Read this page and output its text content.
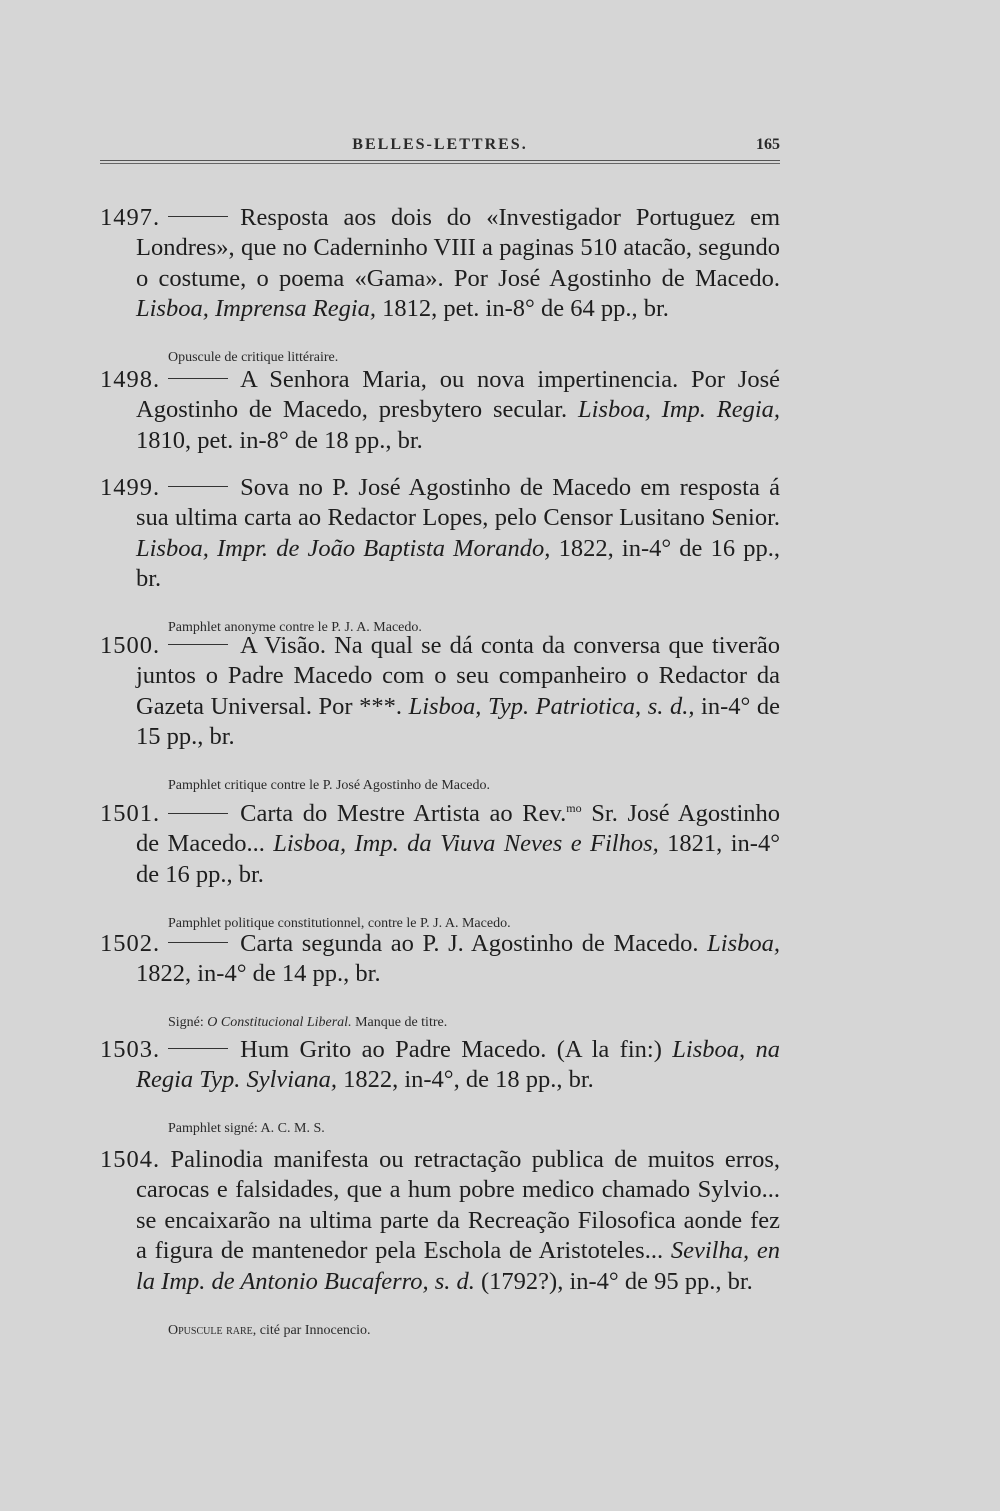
BELLES-LETTRES.	165

1497.	Resposta aos dois do «Investigador Portuguez em Londres», que no Caderninho VIII a paginas 510 atacão, segundo o costume, o poema «Gama». Por José Agostinho de Macedo. Lisboa, Imprensa Regia, 1812, pet. in-8° de 64 pp., br.

Opuscule de critique littéraire.

1498.	A Senhora Maria, ou nova impertinencia. Por José Agostinho de Macedo, presbytero secular. Lisboa, Imp. Regia, 1810, pet. in-8° de 18 pp., br.

1499.	Sova no P. José Agostinho de Macedo em resposta á sua ultima carta ao Redactor Lopes, pelo Censor Lusitano Senior. Lisboa, Impr. de João Baptista Morando, 1822, in-4° de 16 pp., br.

Pamphlet anonyme contre le P. J. A. Macedo.

1500.	A Visão. Na qual se dá conta da conversa que tiverão juntos o Padre Macedo com o seu companheiro o Redactor da Gazeta Universal. Por ***. Lisboa, Typ. Patriotica, s. d., in-4° de 15 pp., br.

Pamphlet critique contre le P. José Agostinho de Macedo.

1501.	Carta do Mestre Artista ao Rev.$^{mo}$ Sr. José Agostinho de Macedo... Lisboa, Imp. da Viuva Neves e Filhos, 1821, in-4° de 16 pp., br.

Pamphlet politique constitutionnel, contre le P. J. A. Macedo.

1502.	Carta segunda ao P. J. Agostinho de Macedo. Lisboa, 1822, in-4° de 14 pp., br.

Signé: O Constitucional Liberal. Manque de titre.

1503.	Hum Grito ao Padre Macedo. (A la fin:) Lisboa, na Regia Typ. Sylviana, 1822, in-4°, de 18 pp., br.

Pamphlet signé: A. C. M. S.

1504. Palinodia manifesta ou retractação publica de muitos erros, carocas e falsidades, que a hum pobre medico chamado Sylvio... se encaixarão na ultima parte da Recreação Filosofica aonde fez a figura de mantenedor pela Eschola de Aristoteles... Sevilha, en la Imp. de Antonio Bucaferro, s. d. (1792?), in-4° de 95 pp., br.

Opuscule rare, cité par Innocencio.
